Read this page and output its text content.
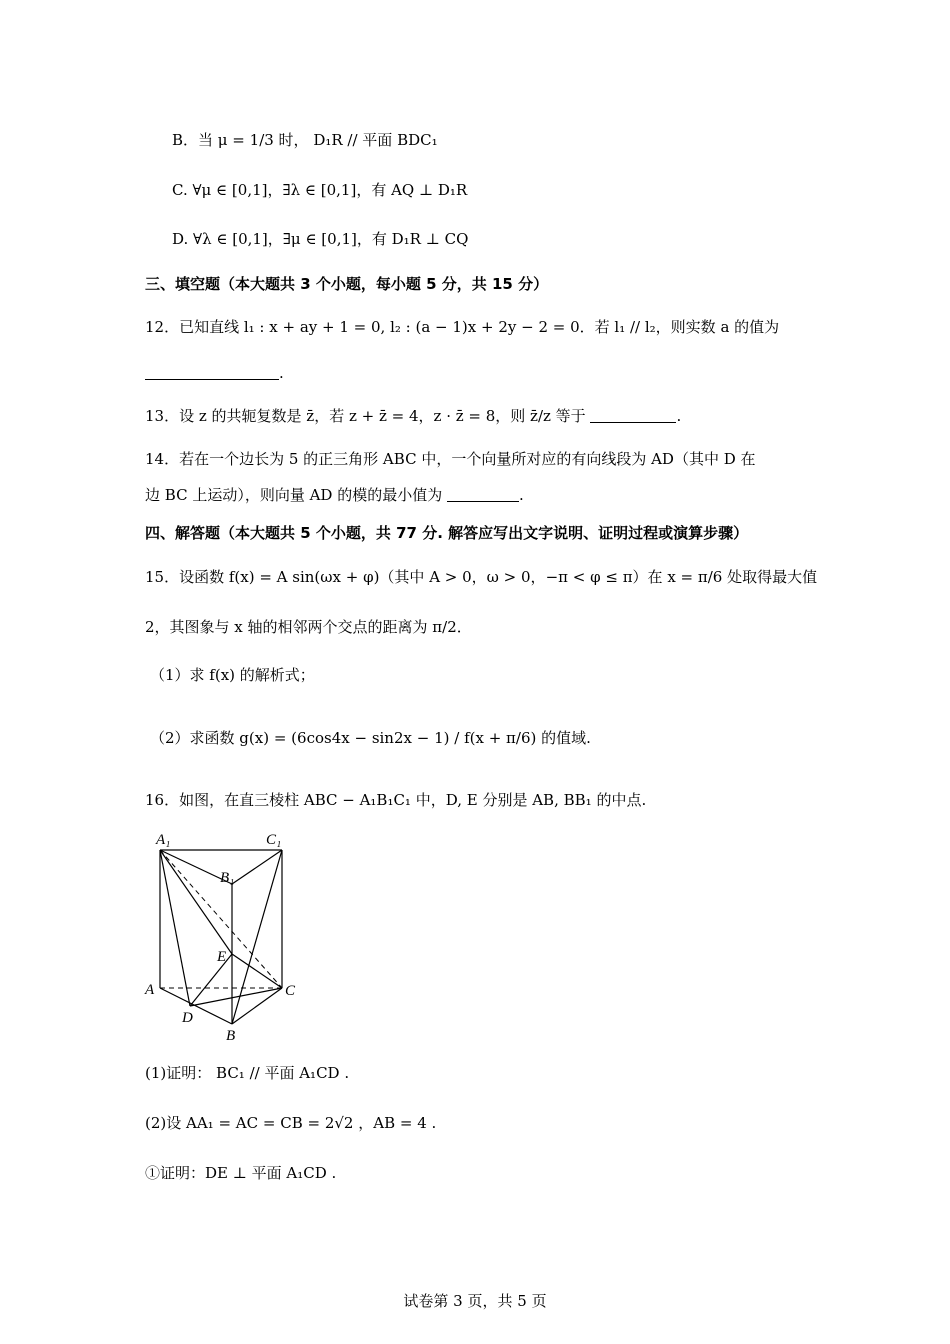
B．当 μ = 1/3 时， D₁R // 平面 BDC₁
C. ∀μ ∈ [0,1]，∃λ ∈ [0,1]，有 AQ ⊥ D₁R
D. ∀λ ∈ [0,1]，∃μ ∈ [0,1]，有 D₁R ⊥ CQ
三、填空题（本大题共 3 个小题，每小题 5 分，共 15 分）
12．已知直线 l₁ : x + ay + 1 = 0, l₂ : (a − 1)x + 2y − 2 = 0．若 l₁ // l₂，则实数 a 的值为
.
13．设 z 的共轭复数是 z̄，若 z + z̄ = 4，z · z̄ = 8，则 z̄/z 等于	.
14．若在一个边长为 5 的正三角形 ABC 中，一个向量所对应的有向线段为 AD（其中 D 在
边 BC 上运动），则向量 AD 的模的最小值为	.
四、解答题（本大题共 5 个小题，共 77 分. 解答应写出文字说明、证明过程或演算步骤）
15．设函数 f(x) = A sin(ωx + φ)（其中 A > 0，ω > 0，−π < φ ≤ π）在 x = π/6 处取得最大值
2，其图象与 x 轴的相邻两个交点的距离为 π/2．
（1）求 f(x) 的解析式；
（2）求函数 g(x) = (6cos4x − sin2x − 1) / f(x + π/6) 的值域.
16．如图，在直三棱柱 ABC − A₁B₁C₁ 中，D, E 分别是 AB, BB₁ 的中点.
A₁	C₁
B₁
E
A	C
D
B
(1)证明： BC₁ // 平面 A₁CD .
(2)设 AA₁ = AC = CB = 2√2 ，AB = 4 .
①证明：DE ⊥ 平面 A₁CD .
试卷第 3 页，共 5 页
